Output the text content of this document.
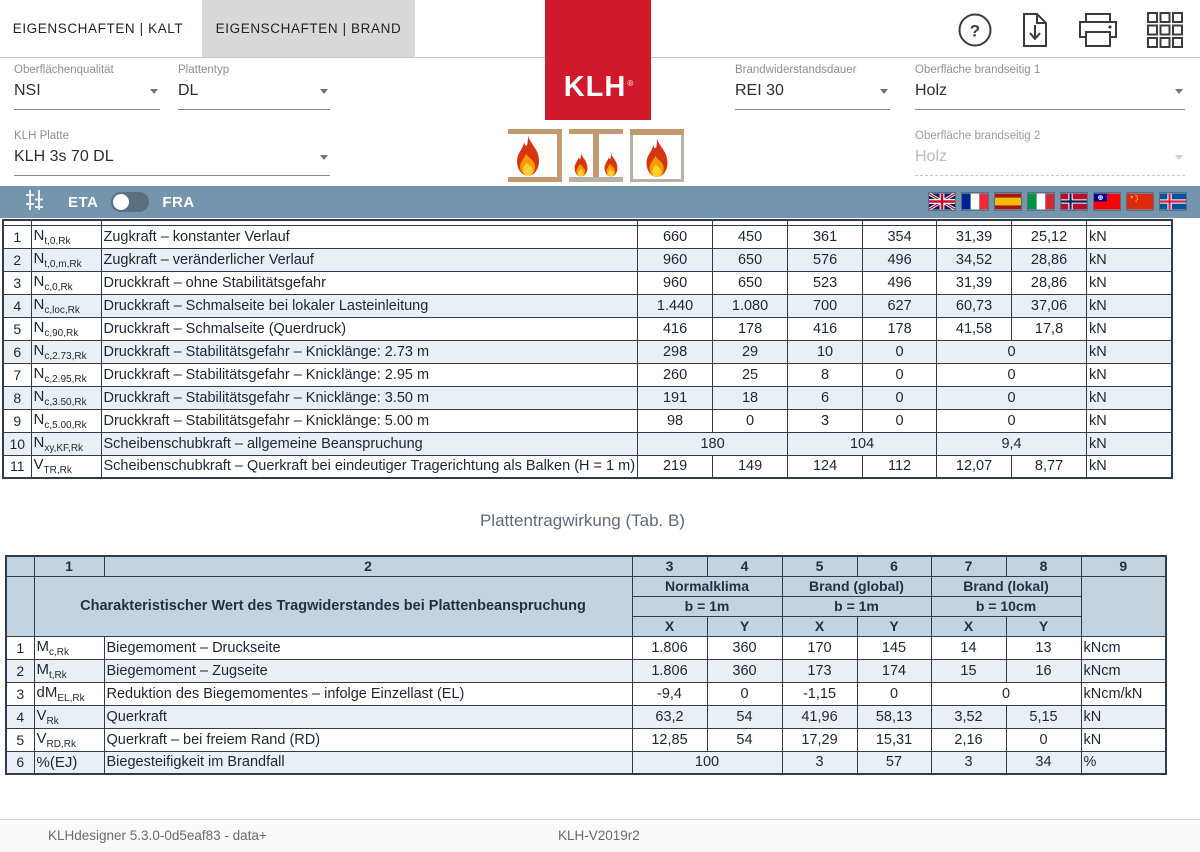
EIGENSCHAFTEN | KALT	EIGENSCHAFTEN | BRAND	?
KLH ®
Oberflächenqualität
NSI
Plattentyp
DL
KLH Platte
KLH 3s 70 DL
Brandwiderstandsdauer
REI 30
Oberfläche brandseitig 1
Holz
Oberfläche brandseitig 2
Holz
ETA	FRA

1	$N_{t,0,Rk}$	Zugkraft – konstanter Verlauf	660	450	361	354	31,39	25,12	kN
2	$N_{t,0,m,Rk}$	Zugkraft – veränderlicher Verlauf	960	650	576	496	34,52	28,86	kN
3	$N_{c,0,Rk}$	Druckkraft – ohne Stabilitätsgefahr	960	650	523	496	31,39	28,86	kN
4	$N_{c,loc,Rk}$	Druckkraft – Schmalseite bei lokaler Lasteinleitung	1.440	1.080	700	627	60,73	37,06	kN
5	$N_{c,90,Rk}$	Druckkraft – Schmalseite (Querdruck)	416	178	416	178	41,58	17,8	kN
6	$N_{c,2.73,Rk}$	Druckkraft – Stabilitätsgefahr – Knicklänge: 2.73 m	298	29	10	0	0		kN
7	$N_{c,2.95,Rk}$	Druckkraft – Stabilitätsgefahr – Knicklänge: 2.95 m	260	25	8	0	0		kN
8	$N_{c,3.50,Rk}$	Druckkraft – Stabilitätsgefahr – Knicklänge: 3.50 m	191	18	6	0	0		kN
9	$N_{c,5.00,Rk}$	Druckkraft – Stabilitätsgefahr – Knicklänge: 5.00 m	98	0	3	0	0		kN
10	$N_{xy,KF,Rk}$	Scheibenschubkraft – allgemeine Beanspruchung	180		104		9,4		kN
11	$V_{TR,Rk}$	Scheibenschubkraft – Querkraft bei eindeutiger Tragerichtung als Balken (H = 1 m)	219	149	124	112	12,07	8,77	kN
Plattentragwirkung (Tab. B)
	1	2	3	4	5	6	7	8	9
	Charakteristischer Wert des Tragwiderstandes bei Plattenbeanspruchung		Normalklima		Brand (global)		Brand (lokal)		
			b = 1m		b = 1m		b = 10cm		
			X	Y	X	Y	X	Y	
1	$M_{c,Rk}$	Biegemoment – Druckseite	1.806	360	170	145	14	13	kNcm
2	$M_{t,Rk}$	Biegemoment – Zugseite	1.806	360	173	174	15	16	kNcm
3	$dM_{EL,Rk}$	Reduktion des Biegemomentes – infolge Einzellast (EL)	-9,4	0	-1,15	0	0		kNcm/kN
4	$V_{Rk}$	Querkraft	63,2	54	41,96	58,13	3,52	5,15	kN
5	$V_{RD,Rk}$	Querkraft – bei freiem Rand (RD)	12,85	54	17,29	15,31	2,16	0	kN
6	%(EJ)	Biegesteifigkeit im Brandfall	100		3	57	3	34	%
KLHdesigner 5.3.0-0d5eaf83 - data+	KLH-V2019r2
